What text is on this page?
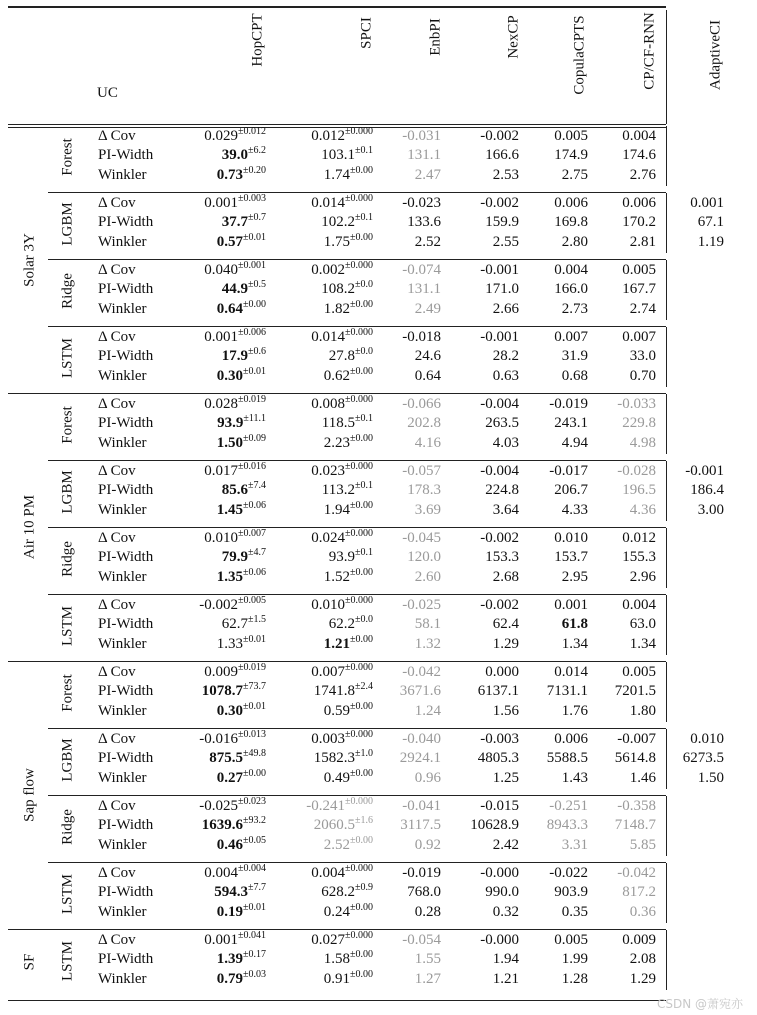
UC
HopCPT	SPCI	EnbPI	NexCP	CopulaCPTS	CP/CF-RNN	AdaptiveCI
Solar 3Y
Forest
Δ Cov	$0.029^{\pm 0.012}$	$0.012^{\pm 0.000}$ -0.031	-0.002 0.005 0.004
PI-Width	$39.0^{\pm 6.2}$	$103.1^{\pm 0.1}$ 131.1	166.6 174.9 174.6
Winkler	$0.73^{\pm 0.20}$	$1.74^{\pm 0.00}$	2.47	2.53	2.75	2.76
LGBM Δ Cov	$0.001^{\pm 0.003}$	$0.014^{\pm 0.000}$ -0.023	-0.002 0.006 0.006 0.001
PI-Width	$37.7^{\pm 0.7}$	$102.2^{\pm 0.1}$ 133.6	159.9 169.8 170.2	67.1
Winkler	$0.57^{\pm 0.01}$	$1.75^{\pm 0.00}$	2.52	2.55	2.80	2.81	1.19
Ridge
Δ Cov	$0.040^{\pm 0.001}$	$0.002^{\pm 0.000}$ -0.074	-0.001 0.004 0.005
PI-Width	$44.9^{\pm 0.5}$	$108.2^{\pm 0.0}$ 131.1	171.0 166.0 167.7
Winkler	$0.64^{\pm 0.00}$	$1.82^{\pm 0.00}$	2.49	2.66	2.73	2.74
LSTM
Δ Cov	$0.001^{\pm 0.006}$	$0.014^{\pm 0.000}$ -0.018	-0.001 0.007 0.007
PI-Width	$17.9^{\pm 0.6}$	$27.8^{\pm 0.0}$	24.6	28.2	31.9	33.0
Winkler	$0.30^{\pm 0.01}$	$0.62^{\pm 0.00}$	0.64	0.63	0.68	0.70
Air 10 PM
Forest
Δ Cov	$0.028^{\pm 0.019}$	$0.008^{\pm 0.000}$ -0.066	-0.004 -0.019 -0.033
PI-Width	$93.9^{\pm 11.1}$	$118.5^{\pm 0.1}$ 202.8	263.5 243.1 229.8
Winkler	$1.50^{\pm 0.09}$	$2.23^{\pm 0.00}$	4.16	4.03	4.94	4.98
LGBM Δ Cov	$0.017^{\pm 0.016}$	$0.023^{\pm 0.000}$ -0.057	-0.004 -0.017 -0.028 -0.001
PI-Width	$85.6^{\pm 7.4}$	$113.2^{\pm 0.1}$ 178.3	224.8 206.7 196.5 186.4
Winkler	$1.45^{\pm 0.06}$	$1.94^{\pm 0.00}$	3.69	3.64	4.33	4.36	3.00
Ridge
Δ Cov	$0.010^{\pm 0.007}$	$0.024^{\pm 0.000}$ -0.045	-0.002 0.010 0.012
PI-Width	$79.9^{\pm 4.7}$	$93.9^{\pm 0.1}$ 120.0	153.3 153.7 155.3
Winkler	$1.35^{\pm 0.06}$	$1.52^{\pm 0.00}$	2.60	2.68	2.95	2.96
LSTM
Δ Cov	$-0.002^{\pm 0.005}$	$0.010^{\pm 0.000}$ -0.025	-0.002 0.001 0.004
PI-Width	$62.7^{\pm 1.5}$	$62.2^{\pm 0.0}$	58.1	62.4	61.8	63.0
Winkler	$1.33^{\pm 0.01}$	$1.21^{\pm 0.00}$	1.32	1.29	1.34	1.34
Sap flow
Forest
Δ Cov	$0.009^{\pm 0.019}$	$0.007^{\pm 0.000}$ -0.042	0.000 0.014 0.005
PI-Width	$1078.7^{\pm 73.7}$	$1741.8^{\pm 2.4}$ 3671.6 6137.1 7131.1 7201.5
Winkler	$0.30^{\pm 0.01}$	$0.59^{\pm 0.00}$	1.24	1.56	1.76	1.80
LGBM Δ Cov	$-0.016^{\pm 0.013}$	$0.003^{\pm 0.000}$ -0.040	-0.003 0.006 -0.007 0.010
PI-Width	$875.5^{\pm 49.8}$	$1582.3^{\pm 1.0}$ 2924.1 4805.3 5588.5 5614.8 6273.5
Winkler	$0.27^{\pm 0.00}$	$0.49^{\pm 0.00}$	0.96	1.25	1.43	1.46	1.50
Ridge
Δ Cov	$-0.025^{\pm 0.023}$	$-0.241^{\pm 0.000}$ -0.041	-0.015 -0.251 -0.358
PI-Width	$1639.6^{\pm 93.2}$	$2060.5^{\pm 1.6}$ 3117.5 10628.9 8943.3 7148.7
Winkler	$0.46^{\pm 0.05}$	$2.52^{\pm 0.00}$	0.92	2.42	3.31	5.85
LSTM
Δ Cov	$0.004^{\pm 0.004}$	$0.004^{\pm 0.000}$ -0.019	-0.000 -0.022 -0.042
PI-Width	$594.3^{\pm 7.7}$	$628.2^{\pm 0.9}$ 768.0	990.0 903.9 817.2
Winkler	$0.19^{\pm 0.01}$	$0.24^{\pm 0.00}$	0.28	0.32	0.35	0.36
SF LSTM
Δ Cov	$0.001^{\pm 0.041}$	$0.027^{\pm 0.000}$ -0.054	-0.000 0.005 0.009
PI-Width	$1.39^{\pm 0.17}$	$1.58^{\pm 0.00}$	1.55	1.94	1.99	2.08
Winkler	$0.79^{\pm 0.03}$	$0.91^{\pm 0.00}$	1.27	1.21	1.28	1.29
CSDN @萧宛亦
